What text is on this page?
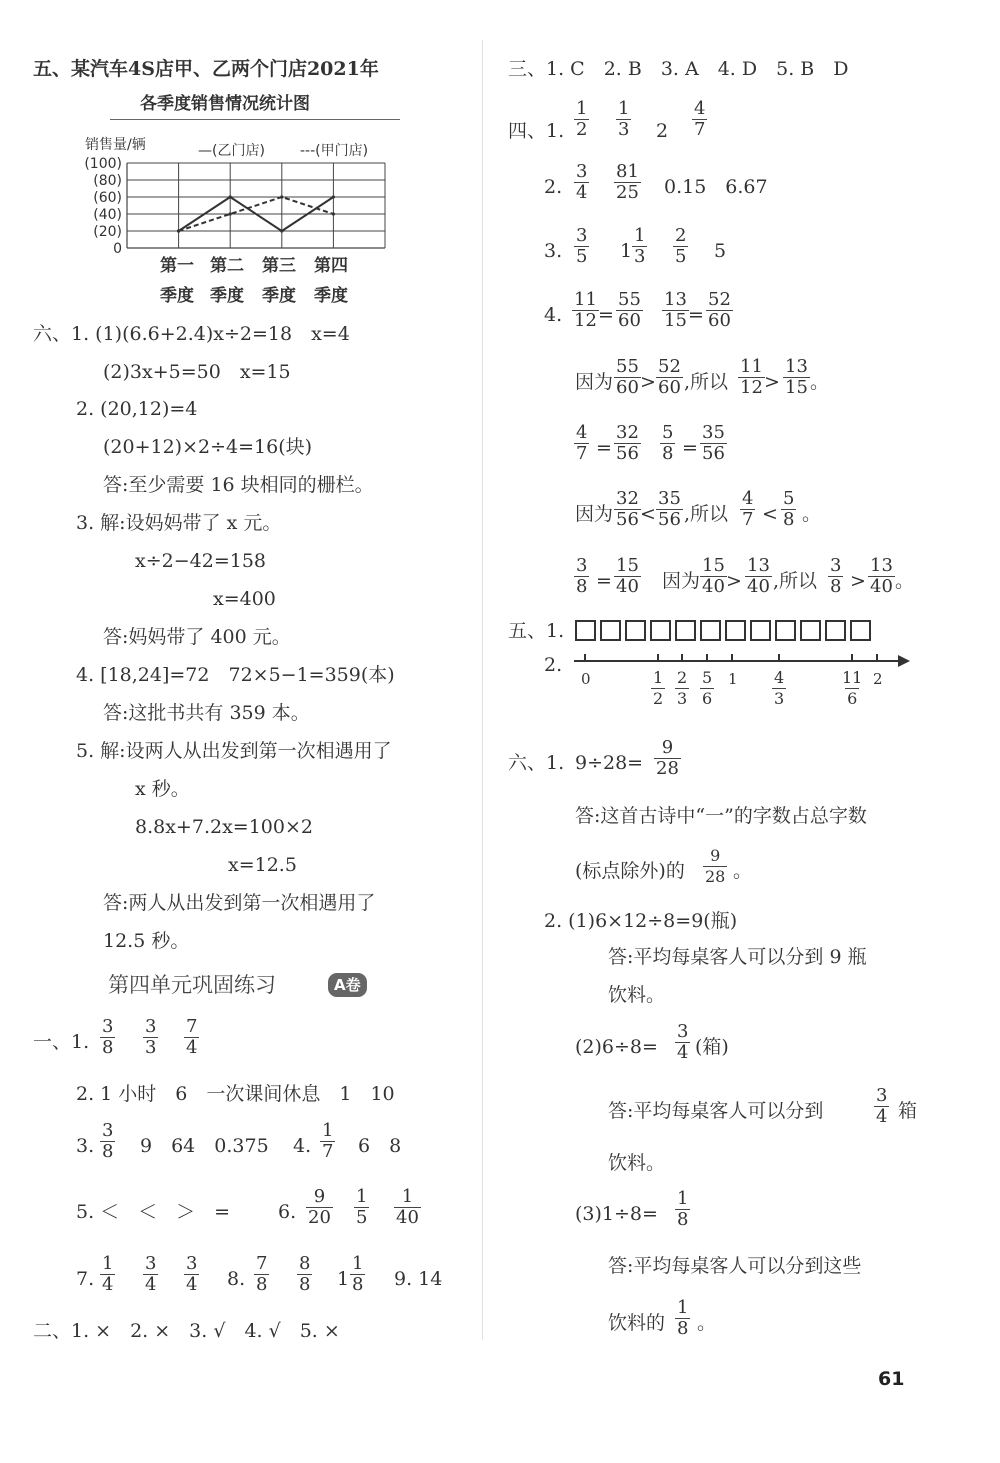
五、某汽车4S店甲、乙两个门店2021年
各季度销售情况统计图
销售量/辆	—(乙门店)	---(甲门店)
(100)
(80)
(60)
(40)
(20)
0
第一 第二 第三 第四
季度 季度 季度 季度
六、1. (1)(6.6+2.4)x÷2=18　x=4
(2)3x+5=50　x=15
2. (20,12)=4
(20+12)×2÷4=16(块)
答:至少需要 16 块相同的栅栏。
3. 解:设妈妈带了 x 元。
x÷2−42=158
x=400
答:妈妈带了 400 元。
4. [18,24]=72　72×5−1=359(本)
答:这批书共有 359 本。
5. 解:设两人从出发到第一次相遇用了
x 秒。
8.8x+7.2x=100×2
x=12.5
答:两人从出发到第一次相遇用了
12.5 秒。
第四单元巩固练习	A卷
一、1.
3
8
3
3
7
4
2. 1 小时　6　一次课间休息　1　10
3.
3
8 9　64　0.375 4.
1
7 6　8
5. ＜　＜　＞　=	6.
9
20
1
5
1
40
7.
1
4
3
4
3
4 8.
7
8
8
8 1
1
8 9. 14
二、1. ×　2. ×　3. √　4. √　5. ×
三、1. C　2. B　3. A　4. D　5. B　D
四、1.
1
2
1
3 2
4
7
2.
3
4
81
25 0.15　6.67
3.
3
5 1
1
3
2
5 5
4.
11
12 =
55
60
13
15 =
52
60
因为
55
60 >
52
60 ,所以
11
12 >
13
15 。
4
7 =
32
56
5
8 =
35
56
因为
32
56 <
35
56 ,所以
4
7 <
5
8 。
3
8 =
15
40 因为
15
40 >
13
40 ,所以
3
8 >
13
40 。
五、1.
2.
0	1
2
2
3
5
6
1 4
3
11
6
2
六、1. 9÷28=
9
28
答:这首古诗中“一”的字数占总字数
(标点除外)的
9
28 。
2. (1)6×12÷8=9(瓶)
答:平均每桌客人可以分到 9 瓶
饮料。
(2)6÷8=
3
4 (箱)
答:平均每桌客人可以分到
3
4 箱
饮料。
(3)1÷8=
1
8
答:平均每桌客人可以分到这些
饮料的
1
8 。
61
